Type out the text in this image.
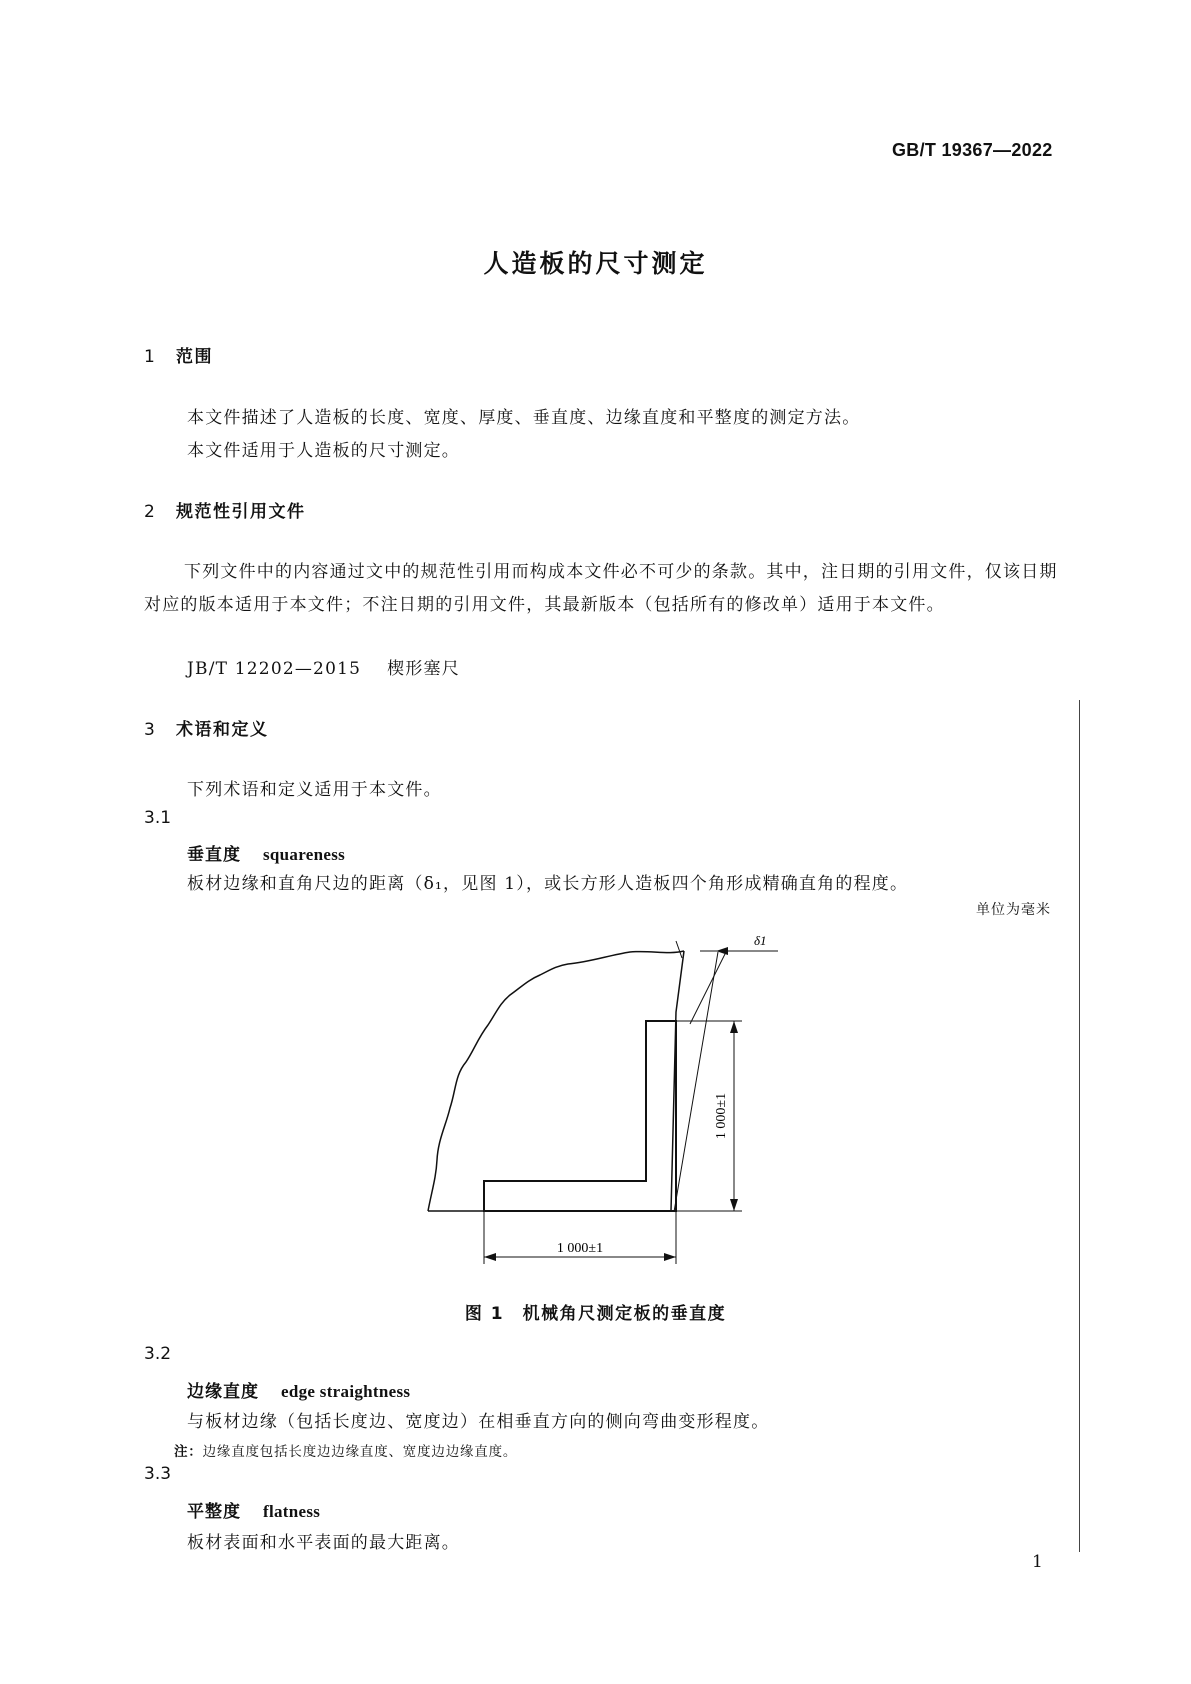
GB/T 19367—2022
人造板的尺寸测定
1 范围
本文件描述了人造板的长度、宽度、厚度、垂直度、边缘直度和平整度的测定方法。
本文件适用于人造板的尺寸测定。
2 规范性引用文件
下列文件中的内容通过文中的规范性引用而构成本文件必不可少的条款。其中，注日期的引用文件，仅该日期对应的版本适用于本文件；不注日期的引用文件，其最新版本（包括所有的修改单）适用于本文件。
JB/T 12202—2015 楔形塞尺
3 术语和定义
下列术语和定义适用于本文件。
3.1
垂直度 squareness
板材边缘和直角尺边的距离（δ₁，见图 1），或长方形人造板四个角形成精确直角的程度。
单位为毫米
δ1
1 000±1
1 000±1
图 1　机械角尺测定板的垂直度
3.2
边缘直度 edge straightness
与板材边缘（包括长度边、宽度边）在相垂直方向的侧向弯曲变形程度。
注：边缘直度包括长度边边缘直度、宽度边边缘直度。
3.3
平整度 flatness
板材表面和水平表面的最大距离。
1
